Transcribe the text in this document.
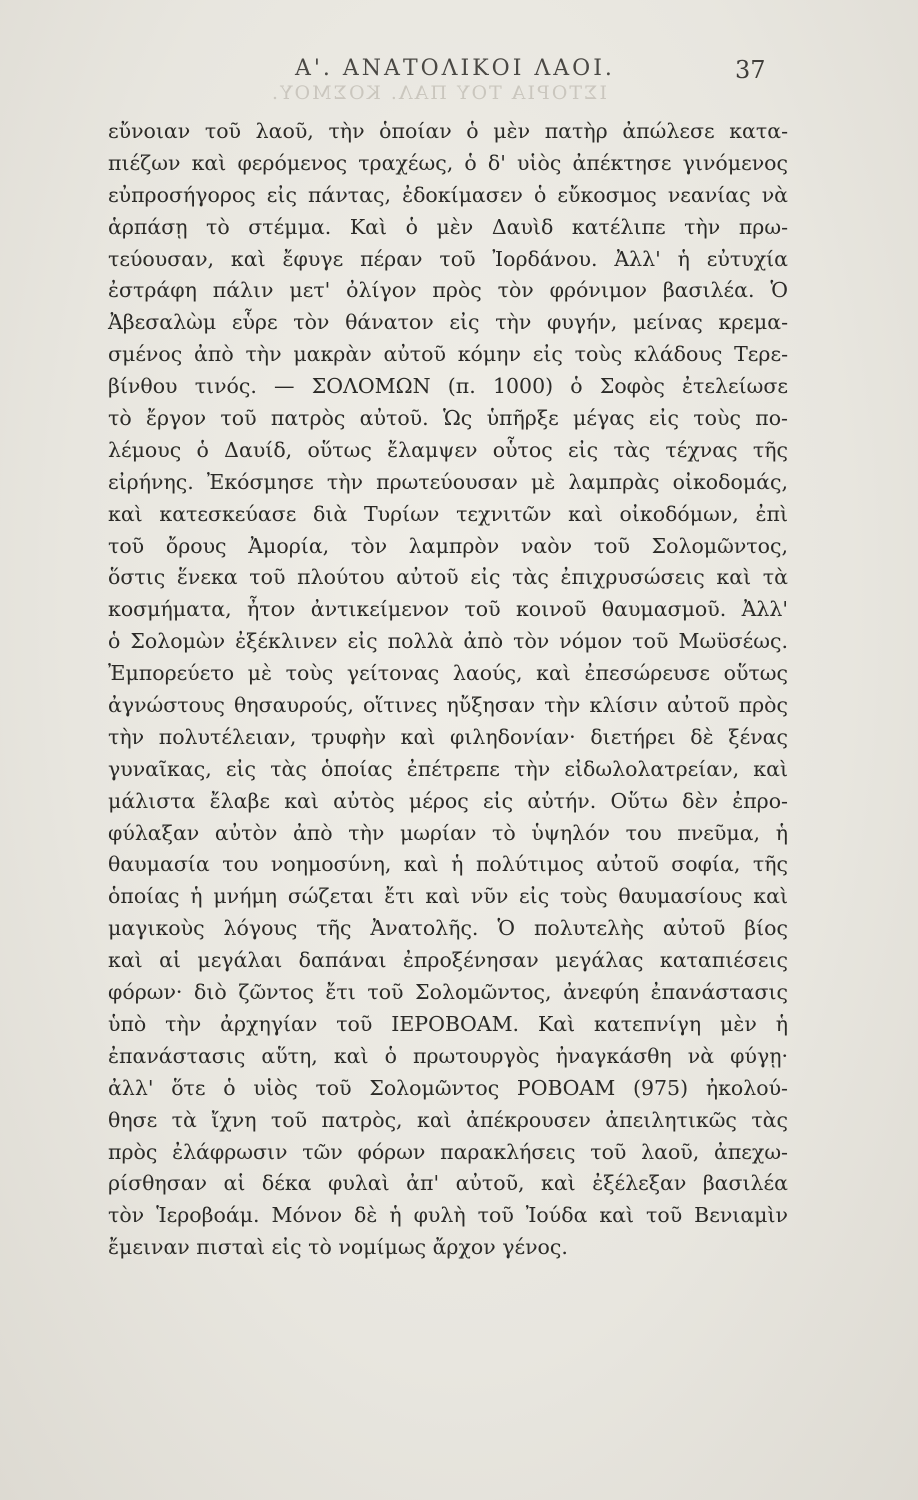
ΙΣΤΟΡΙΑ ΤΟΥ ΠΑΛ. ΚΟΣΜΟΥ.
Α'. ΑΝΑΤΟΛΙΚΟΙ ΛΑΟΙ.	37
εὔνοιαν τοῦ λαοῦ, τὴν ὁποίαν ὁ μὲν πατὴρ ἀπώλεσε κατα-
πιέζων καὶ φερόμενος τραχέως, ὁ δ' υἱὸς ἀπέκτησε γινόμενος
εὐπροσήγορος εἰς πάντας, ἐδοκίμασεν ὁ εὔκοσμος νεανίας νὰ
ἁρπάσῃ τὸ στέμμα. Καὶ ὁ μὲν Δαυὶδ κατέλιπε τὴν πρω-
τεύουσαν, καὶ ἔφυγε πέραν τοῦ Ἰορδάνου. Ἀλλ' ἡ εὐτυχία
ἐστράφη πάλιν μετ' ὀλίγον πρὸς τὸν φρόνιμον βασιλέα. Ὁ
Ἀβεσαλὼμ εὗρε τὸν θάνατον εἰς τὴν φυγήν, μείνας κρεμα-
σμένος ἀπὸ τὴν μακρὰν αὐτοῦ κόμην εἰς τοὺς κλάδους Τερε-
βίνθου τινός. — ΣΟΛΟΜΩΝ (π. 1000) ὁ Σοφὸς ἐτελείωσε
τὸ ἔργον τοῦ πατρὸς αὐτοῦ. Ὡς ὑπῆρξε μέγας εἰς τοὺς πο-
λέμους ὁ Δαυίδ, οὕτως ἔλαμψεν οὗτος εἰς τὰς τέχνας τῆς
εἰρήνης. Ἐκόσμησε τὴν πρωτεύουσαν μὲ λαμπρὰς οἰκοδομάς,
καὶ κατεσκεύασε διὰ Τυρίων τεχνιτῶν καὶ οἰκοδόμων, ἐπὶ
τοῦ ὄρους Ἀμορία, τὸν λαμπρὸν ναὸν τοῦ Σολομῶντος,
ὅστις ἕνεκα τοῦ πλούτου αὐτοῦ εἰς τὰς ἐπιχρυσώσεις καὶ τὰ
κοσμήματα, ἦτον ἀντικείμενον τοῦ κοινοῦ θαυμασμοῦ. Ἀλλ'
ὁ Σολομὼν ἐξέκλινεν εἰς πολλὰ ἀπὸ τὸν νόμον τοῦ Μωϋσέως.
Ἐμπορεύετο μὲ τοὺς γείτονας λαούς, καὶ ἐπεσώρευσε οὕτως
ἀγνώστους θησαυρούς, οἵτινες ηὔξησαν τὴν κλίσιν αὐτοῦ πρὸς
τὴν πολυτέλειαν, τρυφὴν καὶ φιληδονίαν· διετήρει δὲ ξένας
γυναῖκας, εἰς τὰς ὁποίας ἐπέτρεπε τὴν εἰδωλολατρείαν, καὶ
μάλιστα ἔλαβε καὶ αὐτὸς μέρος εἰς αὐτήν. Οὕτω δὲν ἐπρο-
φύλαξαν αὐτὸν ἀπὸ τὴν μωρίαν τὸ ὑψηλόν του πνεῦμα, ἡ
θαυμασία του νοημοσύνη, καὶ ἡ πολύτιμος αὐτοῦ σοφία, τῆς
ὁποίας ἡ μνήμη σώζεται ἔτι καὶ νῦν εἰς τοὺς θαυμασίους καὶ
μαγικοὺς λόγους τῆς Ἀνατολῆς. Ὁ πολυτελὴς αὐτοῦ βίος
καὶ αἱ μεγάλαι δαπάναι ἐπροξένησαν μεγάλας καταπιέσεις
φόρων· διὸ ζῶντος ἔτι τοῦ Σολομῶντος, ἀνεφύη ἐπανάστασις
ὑπὸ τὴν ἀρχηγίαν τοῦ ΙΕΡΟΒΟΑΜ. Καὶ κατεπνίγη μὲν ἡ
ἐπανάστασις αὕτη, καὶ ὁ πρωτουργὸς ἠναγκάσθη νὰ φύγῃ·
ἀλλ' ὅτε ὁ υἱὸς τοῦ Σολομῶντος ΡΟΒΟΑΜ (975) ἠκολού-
θησε τὰ ἴχνη τοῦ πατρὸς, καὶ ἀπέκρουσεν ἀπειλητικῶς τὰς
πρὸς ἐλάφρωσιν τῶν φόρων παρακλήσεις τοῦ λαοῦ, ἀπεχω-
ρίσθησαν αἱ δέκα φυλαὶ ἀπ' αὐτοῦ, καὶ ἐξέλεξαν βασιλέα
τὸν Ἱεροβοάμ. Μόνον δὲ ἡ φυλὴ τοῦ Ἰούδα καὶ τοῦ Βενιαμὶν
ἔμειναν πισταὶ εἰς τὸ νομίμως ἄρχον γένος.
